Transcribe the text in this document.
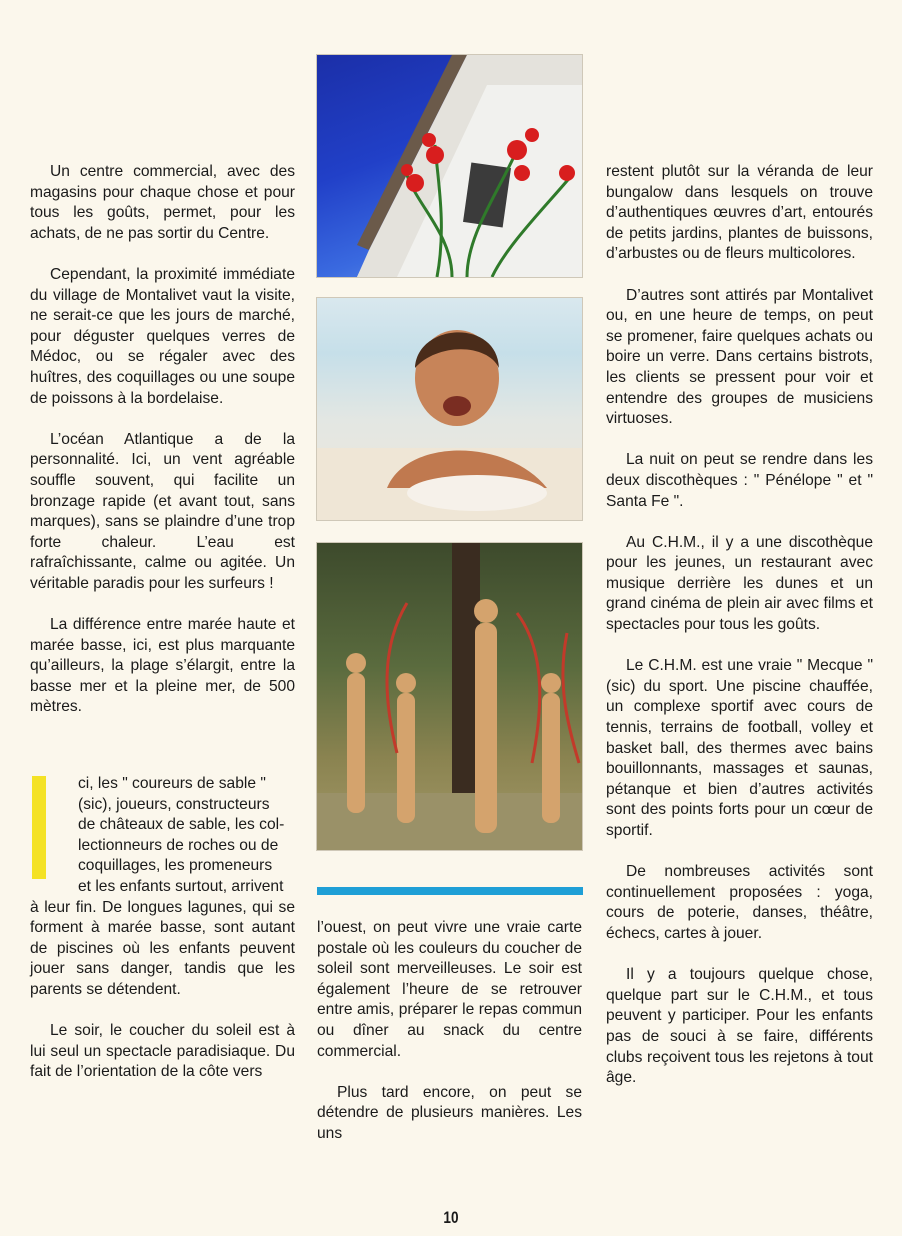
Un centre commercial, avec des magasins pour chaque chose et pour tous les goûts, permet, pour les achats, de ne pas sortir du Centre.

Cependant, la proximité immédiate du village de Montalivet vaut la visite, ne serait-ce que les jours de marché, pour déguster quelques verres de Médoc, ou se régaler avec des huîtres, des coquillages ou une soupe de poissons à la bordelaise.

L’océan Atlantique a de la personnalité. Ici, un vent agréable souffle souvent, qui facilite un bronzage rapide (et avant tout, sans marques), sans se plaindre d’une trop forte chaleur. L’eau est rafraîchissante, calme ou agitée. Un véritable paradis pour les surfeurs !

La différence entre marée haute et marée basse, ici, est plus marquante qu’ailleurs, la plage s’élargit, entre la basse mer et la pleine mer, de 500 mètres.

ci, les " coureurs de sable "
(sic), joueurs, constructeurs
de châteaux de sable, les col-
lectionneurs de roches ou de
coquillages, les promeneurs
et les enfants surtout, arrivent

à leur fin. De longues lagunes, qui se forment à marée basse, sont autant de piscines où les enfants peuvent jouer sans danger, tandis que les parents se détendent.

Le soir, le coucher du soleil est à lui seul un spectacle paradisiaque. Du fait de l’orientation de la côte vers

l’ouest, on peut vivre une vraie carte postale où les couleurs du coucher de soleil sont merveilleuses. Le soir est également l’heure de se retrouver entre amis, préparer le repas commun ou dîner au snack du centre commercial.

Plus tard encore, on peut se détendre de plusieurs manières. Les uns

restent plutôt sur la véranda de leur bungalow dans lesquels on trouve d’authentiques œuvres d’art, entourés de petits jardins, plantes de buissons, d’arbustes ou de fleurs multicolores.

D’autres sont attirés par Montalivet ou, en une heure de temps, on peut se promener, faire quelques achats ou boire un verre. Dans certains bistrots, les clients se pressent pour voir et entendre des groupes de musiciens virtuoses.

La nuit on peut se rendre dans les deux discothèques : " Pénélope " et " Santa Fe ".

Au C.H.M., il y a une discothèque pour les jeunes, un restaurant avec musique derrière les dunes et un grand cinéma de plein air avec films et spectacles pour tous les goûts.

Le C.H.M. est une vraie " Mecque " (sic) du sport. Une piscine chauffée, un complexe sportif avec cours de tennis, terrains de football, volley et basket ball, des thermes avec bains bouillonnants, massages et saunas, pétanque et bien d’autres activités sont des points forts pour un cœur de sportif.

De nombreuses activités sont continuellement proposées : yoga, cours de poterie, danses, théâtre, échecs, cartes à jouer.

Il y a toujours quelque chose, quelque part sur le C.H.M., et tous peuvent y participer. Pour les enfants pas de souci à se faire, différents clubs reçoivent tous les rejetons à tout âge.

10
